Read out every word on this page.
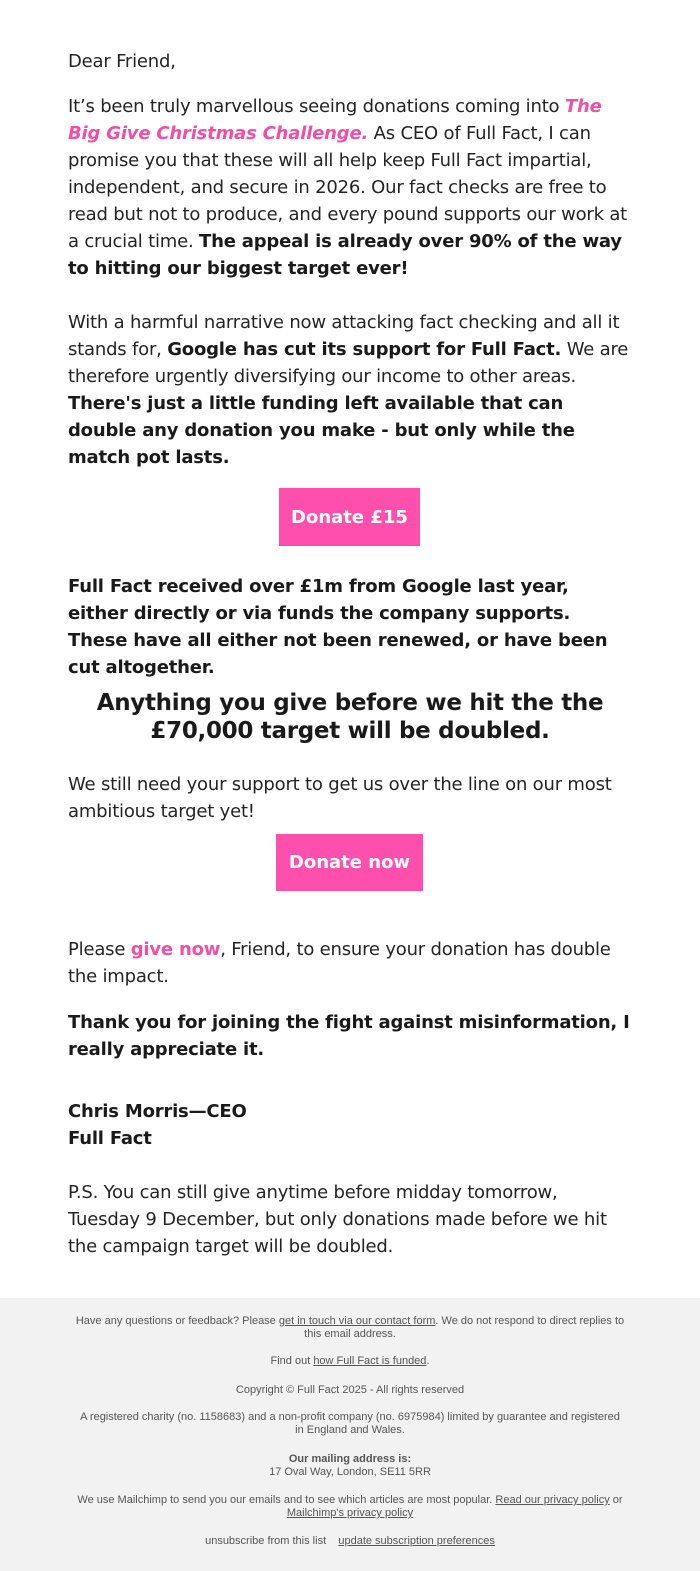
Dear Friend,

It’s been truly marvellous seeing donations coming into The Big Give Christmas Challenge. As CEO of Full Fact, I can promise you that these will all help keep Full Fact impartial, independent, and secure in 2026. Our fact checks are free to read but not to produce, and every pound supports our work at a crucial time. The appeal is already over 90% of the way to hitting our biggest target ever!

With a harmful narrative now attacking fact checking and all it stands for, Google has cut its support for Full Fact. We are therefore urgently diversifying our income to other areas. There's just a little funding left available that can double any donation you make - but only while the match pot lasts.

Donate £15

Full Fact received over £1m from Google last year, either directly or via funds the company supports. These have all either not been renewed, or have been cut altogether.

Anything you give before we hit the the £70,000 target will be doubled.

We still need your support to get us over the line on our most ambitious target yet!

Donate now

Please give now, Friend, to ensure your donation has double the impact.

Thank you for joining the fight against misinformation, I really appreciate it.

Chris Morris—CEO

Full Fact

P.S. You can still give anytime before midday tomorrow, Tuesday 9 December, but only donations made before we hit the campaign target will be doubled.

Have any questions or feedback? Please get in touch via our contact form. We do not respond to direct replies to this email address.

Find out how Full Fact is funded.

Copyright © Full Fact 2025 - All rights reserved

A registered charity (no. 1158683) and a non-profit company (no. 6975984) limited by guarantee and registered in England and Wales.

Our mailing address is:

17 Oval Way, London, SE11 5RR

We use Mailchimp to send you our emails and to see which articles are most popular. Read our privacy policy or Mailchimp's privacy policy

unsubscribe from this list update subscription preferences
